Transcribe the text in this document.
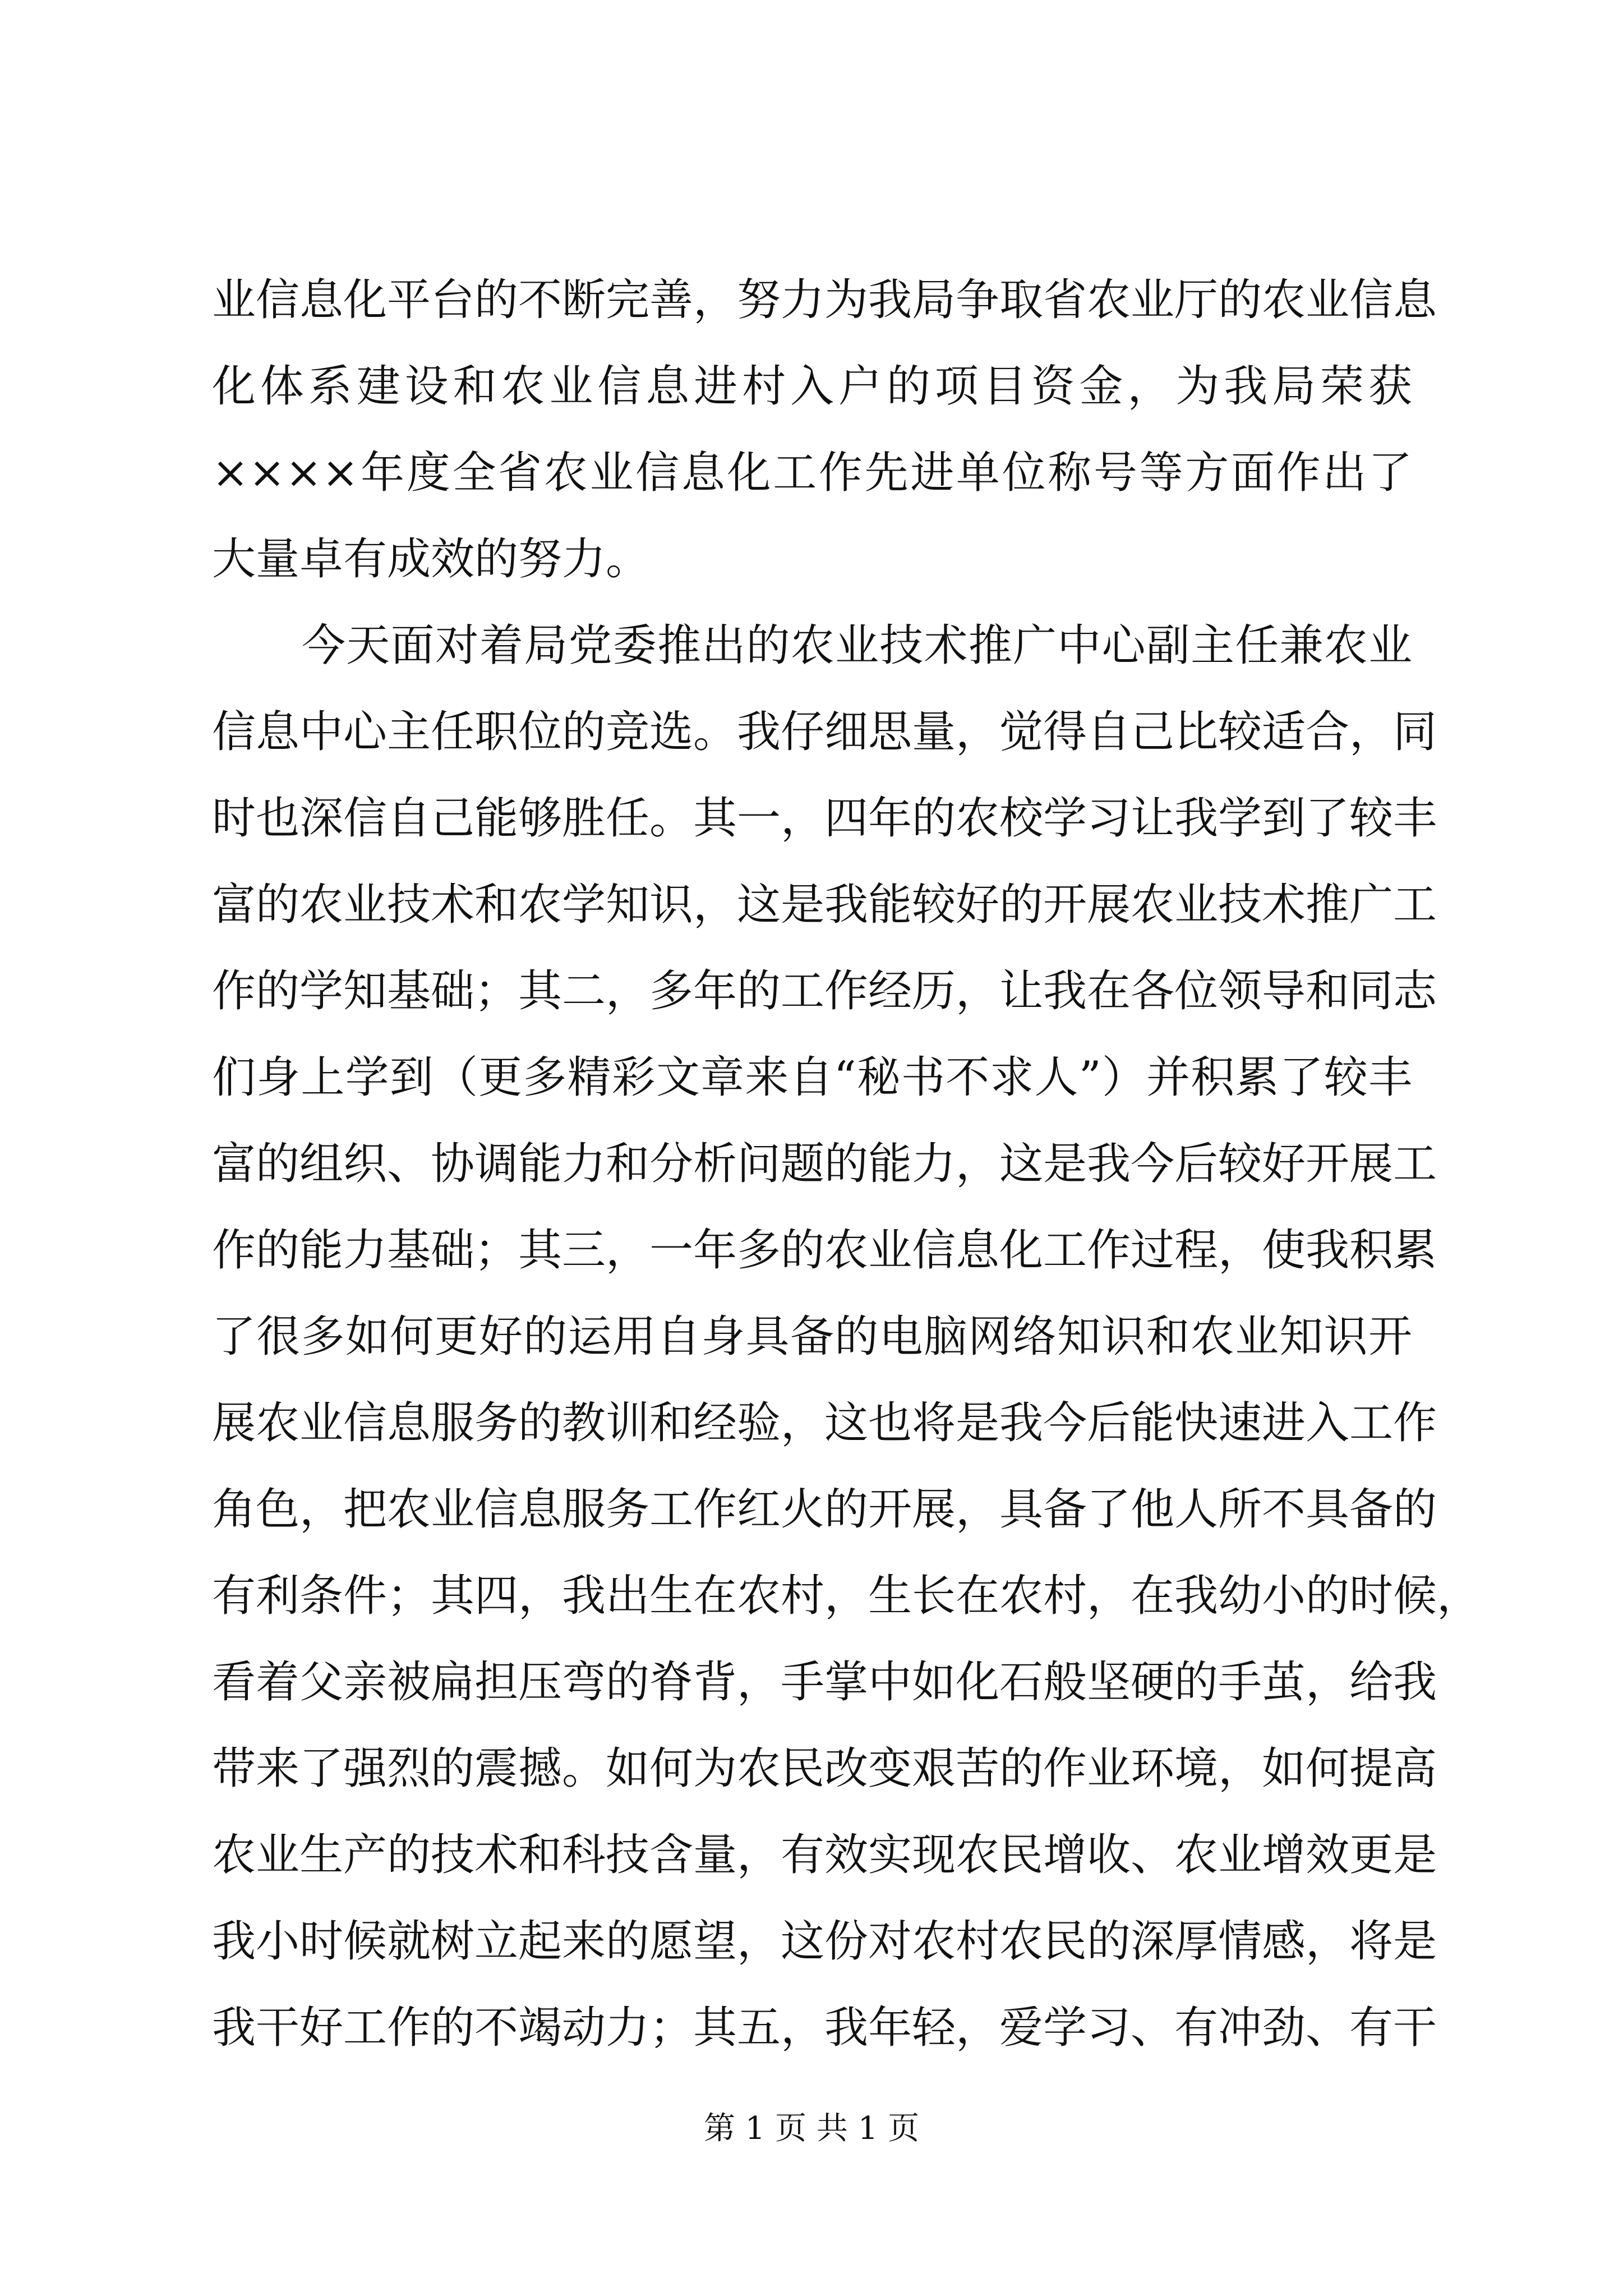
业信息化平台的不断完善，努力为我局争取省农业厅的农业信息
化体系建设和农业信息进村入户的项目资金，为我局荣获
××××年度全省农业信息化工作先进单位称号等方面作出了
大量卓有成效的努力。
今天面对着局党委推出的农业技术推广中心副主任兼农业
信息中心主任职位的竞选。我仔细思量，觉得自己比较适合，同
时也深信自己能够胜任。其一，四年的农校学习让我学到了较丰
富的农业技术和农学知识，这是我能较好的开展农业技术推广工
作的学知基础；其二，多年的工作经历，让我在各位领导和同志
们身上学到（更多精彩文章来自“秘书不求人”）并积累了较丰
富的组织、协调能力和分析问题的能力，这是我今后较好开展工
作的能力基础；其三，一年多的农业信息化工作过程，使我积累
了很多如何更好的运用自身具备的电脑网络知识和农业知识开
展农业信息服务的教训和经验，这也将是我今后能快速进入工作
角色，把农业信息服务工作红火的开展，具备了他人所不具备的
有利条件；其四，我出生在农村，生长在农村，在我幼小的时候，
看着父亲被扁担压弯的脊背，手掌中如化石般坚硬的手茧，给我
带来了强烈的震撼。如何为农民改变艰苦的作业环境，如何提高
农业生产的技术和科技含量，有效实现农民增收、农业增效更是
我小时候就树立起来的愿望，这份对农村农民的深厚情感，将是
我干好工作的不竭动力；其五，我年轻，爱学习、有冲劲、有干
第 1 页 共 1 页
